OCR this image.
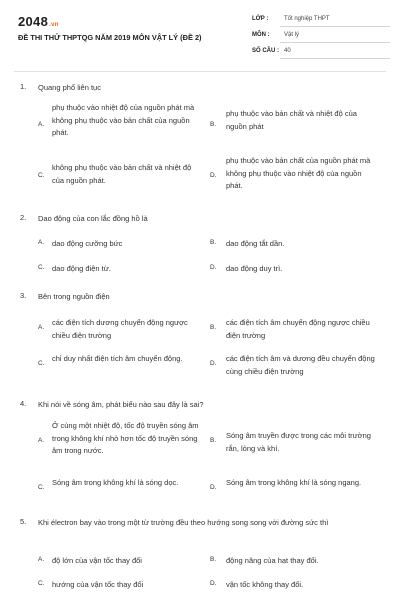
2048.vn
ĐỀ THI THỬ THPTQG NĂM 2019 MÔN VẬT LÝ (ĐỀ 2)
LỚP :	Tốt nghiệp THPT
MÔN : Vật lý
SỐ CÂU : 40
1. Quang phổ liên tục
A.
phụ thuộc vào nhiệt độ của nguồn phát mà không phụ thuộc vào bản chất của nguồn phát.
B.
phụ thuộc vào bản chất và nhiệt độ của nguồn phát
C.
không phụ thuộc vào bản chất và nhiệt độ của nguồn phát.	D.
phụ thuộc vào bản chất của nguồn phát mà không phụ thuộc vào nhiệt độ của nguồn phát.
2. Dao động của con lắc đồng hồ là
A. dao động cưỡng bức	B. dao động tắt dần.
C. dao động điện từ.	D. dao động duy trì.
3. Bên trong nguồn điện
A.
các điện tích dương chuyển động ngược chiều điện trường
B.
các điện tích âm chuyển động ngược chiều điện trường
C.
chỉ duy nhất điện tích âm chuyển động.
D.
các điện tích âm và dương đều chuyển động cùng chiều điện trường
4. Khi nói về sóng âm, phát biểu nào sau đây là sai?
A.
Ở cùng một nhiệt độ, tốc độ truyền sóng âm trong không khí nhỏ hơn tốc độ truyền sóng âm trong nước.
B.
Sóng âm truyền được trong các môi trường rắn, lỏng và khí.
C.
Sóng âm trong không khí là sóng dọc.
D.
Sóng âm trong không khí là sóng ngang.
5. Khi électron bay vào trong một từ trường đều theo hướng song song với đường sức thì
A. độ lớn của vận tốc thay đổi	B. động năng của hạt thay đổi.
C. hướng của vận tốc thay đổi	D. vận tốc không thay đổi.
